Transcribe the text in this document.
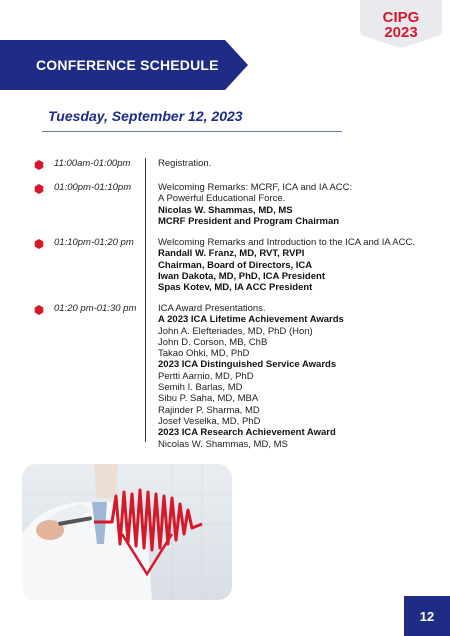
CIPG
2023
CONFERENCE SCHEDULE
Tuesday, September 12, 2023
11:00am-01:00pm	Registration.
01:00pm-01:10pm	Welcoming Remarks: MCRF, ICA and IA ACC:
A Powerful Educational Force.
Nicolas W. Shammas, MD, MS
MCRF President and Program Chairman
01:10pm-01:20 pm	Welcoming Remarks and Introduction to the ICA and IA ACC.
Randall W. Franz, MD, RVT, RVPI
Chairman, Board of Directors, ICA
Iwan Dakota, MD, PhD, ICA President
Spas Kotev, MD, IA ACC President
01:20 pm-01:30 pm ICA Award Presentations.
A 2023 ICA Lifetime Achievement Awards
John A. Elefteriades, MD, PhD (Hon)
John D. Corson, MB, ChB
Takao Ohki, MD, PhD
2023 ICA Distinguished Service Awards
Pertti Aarnio, MD, PhD
Semih I. Barlas, MD
Sibu P. Saha, MD, MBA
Rajinder P. Sharma, MD
Josef Veselka, MD, PhD
2023 ICA Research Achievement Award
Nicolas W. Shammas, MD, MS
12
